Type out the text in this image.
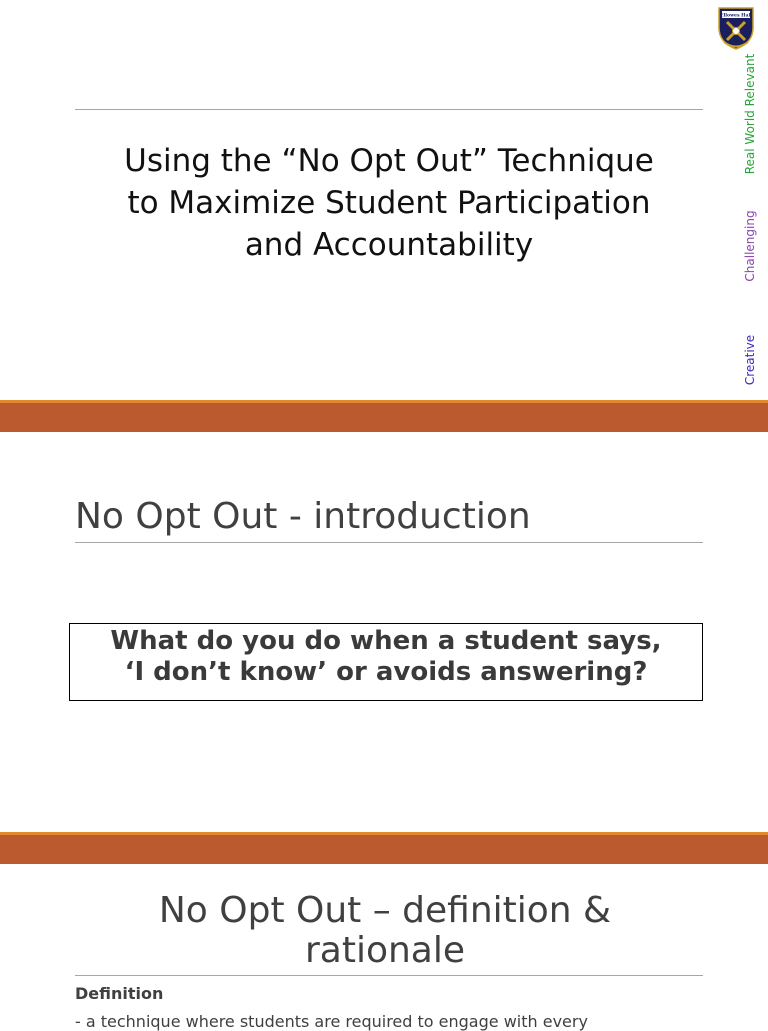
Using the “No Opt Out” Technique
to Maximize Student Participation
and Accountability
Ellowes Hall
Real World Relevant
Challenging
Creative
No Opt Out - introduction
What do you do when a student says,
‘I don’t know’ or avoids answering?
No Opt Out – definition &
rationale
Definition
- a technique where students are required to engage with every
